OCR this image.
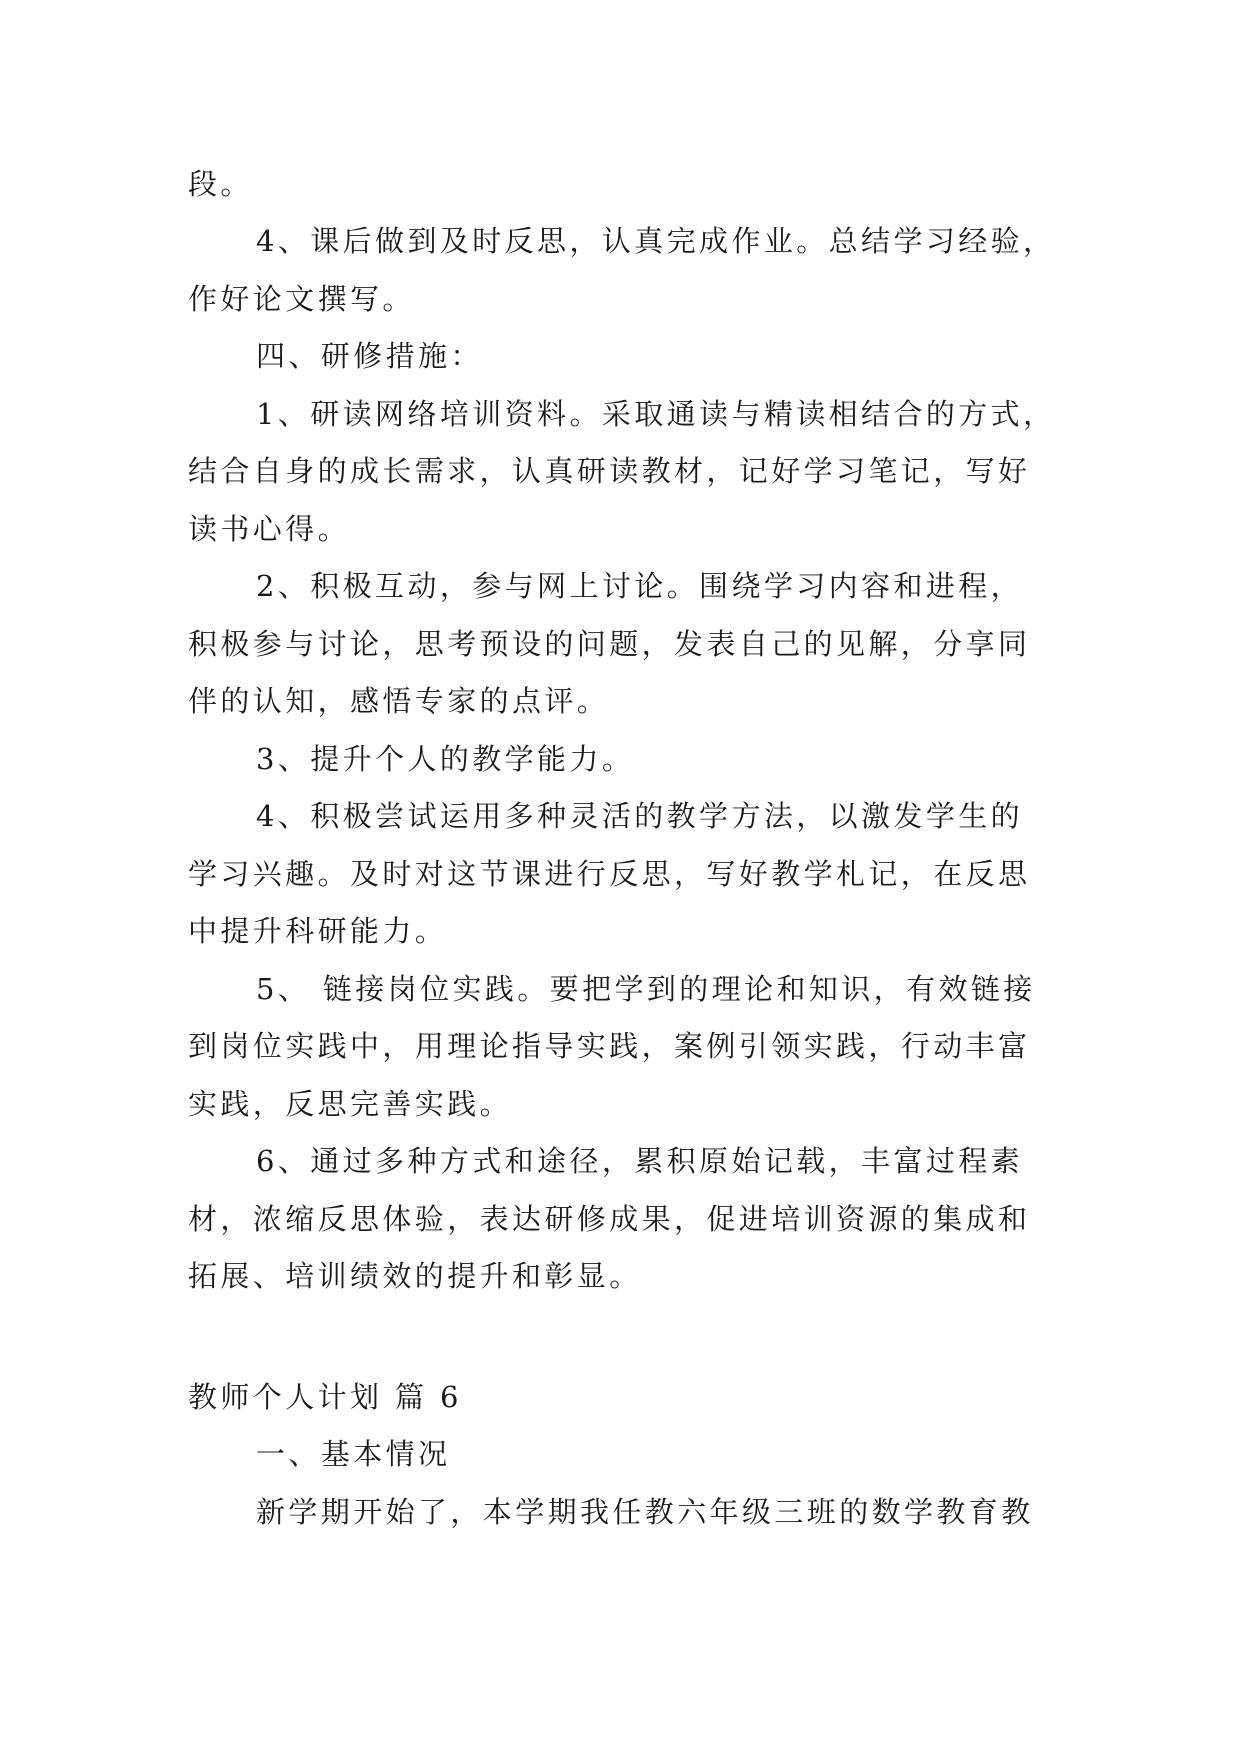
段。
4、课后做到及时反思，认真完成作业。总结学习经验，
作好论文撰写。
四、研修措施：
1、研读网络培训资料。采取通读与精读相结合的方式，
结合自身的成长需求，认真研读教材，记好学习笔记，写好
读书心得。
2、积极互动，参与网上讨论。围绕学习内容和进程，
积极参与讨论，思考预设的问题，发表自己的见解，分享同
伴的认知，感悟专家的点评。
3、提升个人的教学能力。
4、积极尝试运用多种灵活的教学方法，以激发学生的
学习兴趣。及时对这节课进行反思，写好教学札记，在反思
中提升科研能力。
5、 链接岗位实践。要把学到的理论和知识，有效链接
到岗位实践中，用理论指导实践，案例引领实践，行动丰富
实践，反思完善实践。
6、通过多种方式和途径，累积原始记载，丰富过程素
材，浓缩反思体验，表达研修成果，促进培训资源的集成和
拓展、培训绩效的提升和彰显。
教师个人计划 篇 6
一、基本情况
新学期开始了，本学期我任教六年级三班的数学教育教
